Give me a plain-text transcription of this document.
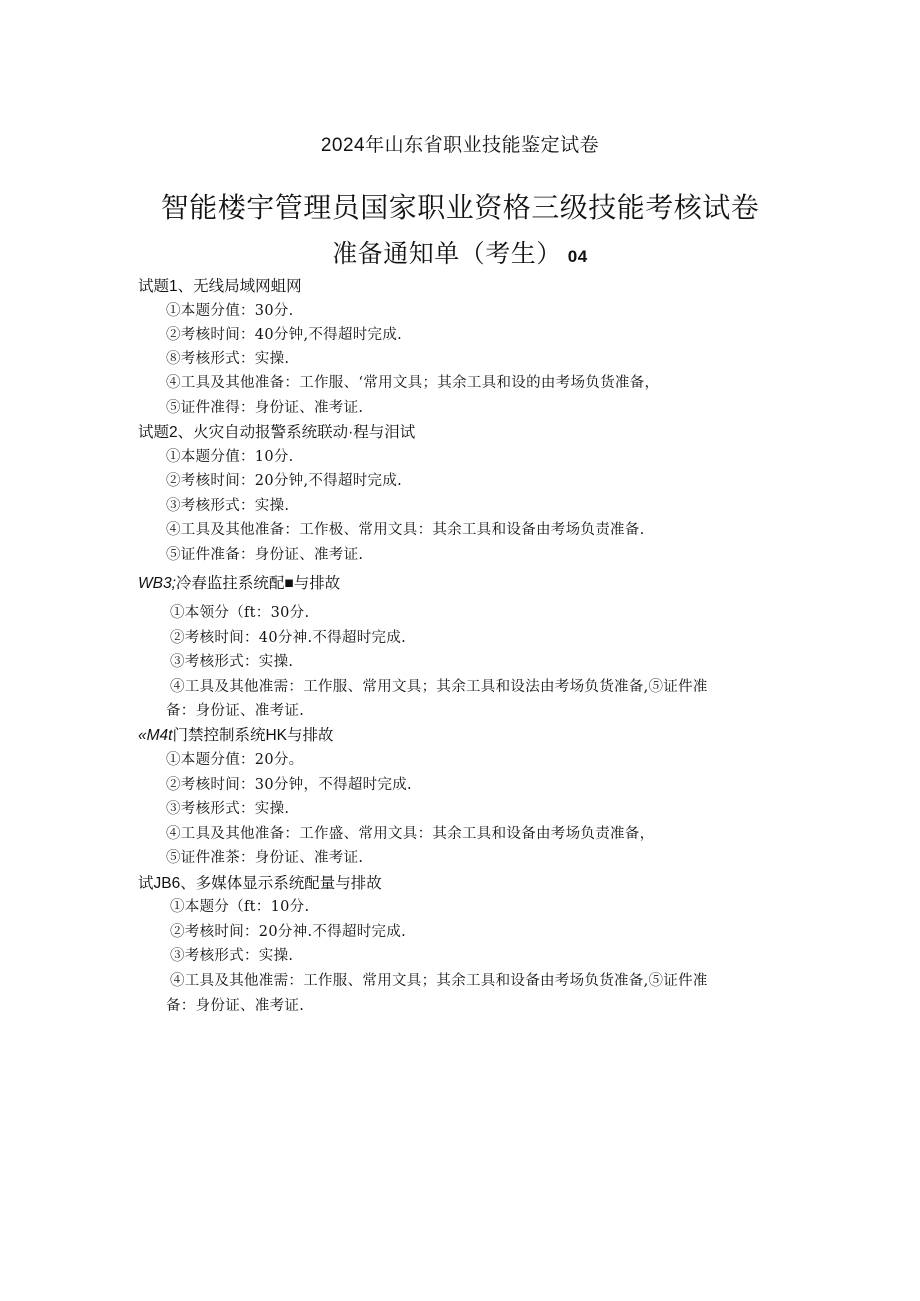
2024年山东省职业技能鉴定试卷
智能楼宇管理员国家职业资格三级技能考核试卷
准备通知单（考生） 04
试题1、无线局域网蛆网
①本题分值：30分.
②考核时间：40分钟,不得超时完成.
⑧考核形式：实操.
④工具及其他准备：工作服、‘常用文具；其余工具和设的由考场负货准备，
⑤证件准得：身份证、准考证.
试题2、火灾自动报警系统联动·程与泪试
①本题分值：10分.
②考核时间：20分钟,不得超时完成.
③考核形式：实操.
④工具及其他准备：工作极、常用文具：其余工具和设备由考场负责准备.
⑤证件准备：身份证、准考证.
WB3;冷春监拄系统配■与排故
①本领分（ft：30分.
②考核时间：40分神.不得超时完成.
③考核形式：实操.
④工具及其他准需：工作服、常用文具；其余工具和设法由考场负货准备,⑤证件准
备：身份证、准考证.
«M4t门禁控制系统HK与排故
①本题分值：20分。
②考核时间：30分钟，不得超时完成.
③考核形式：实操.
④工具及其他准备：工作盛、常用文具：其余工具和设备由考场负责准备，
⑤证件准茶：身份证、准考证.
试JB6、多媒体显示系统配量与排故
①本题分（ft：10分.
②考核时间：20分神.不得超时完成.
③考核形式：实操.
④工具及其他准需：工作服、常用文具；其余工具和设备由考场负货准备,⑤证件准
备：身份证、准考证.
